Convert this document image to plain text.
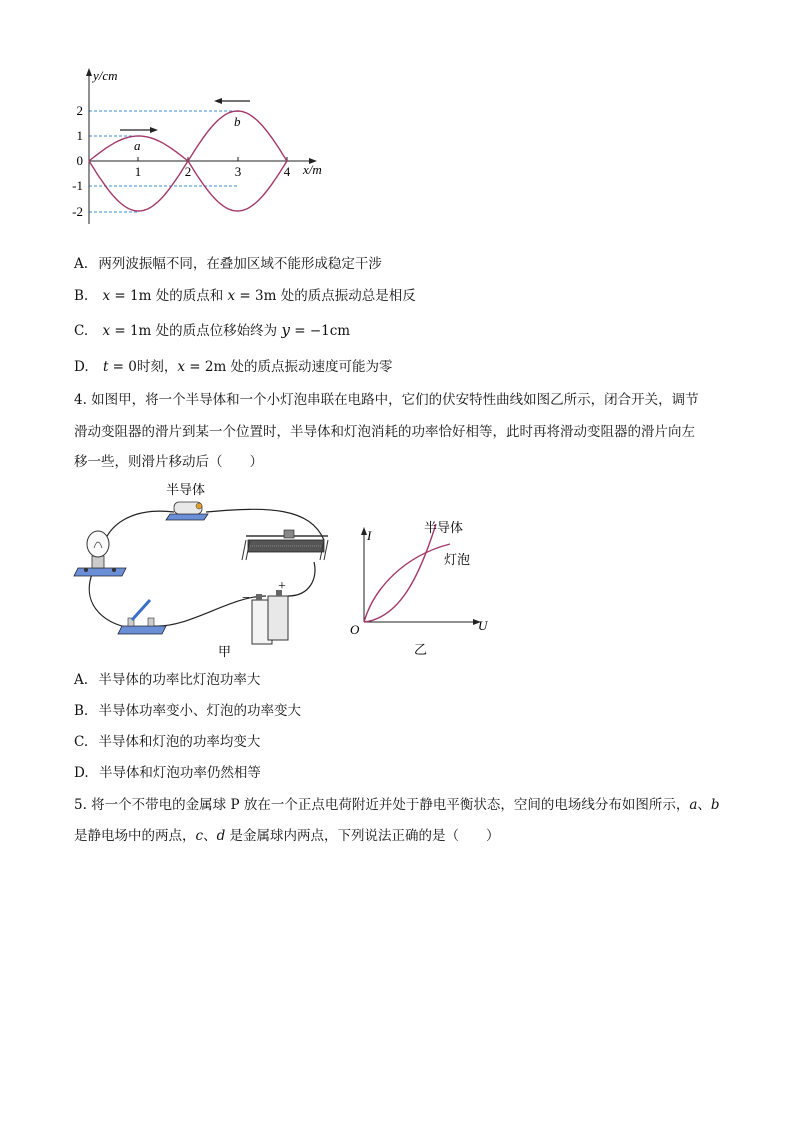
y/cm
x/m
2
1
0
-1
-2
1	2	3	4
a
b
A. 两列波振幅不同，在叠加区域不能形成稳定干涉
B. x = 1m 处的质点和 x = 3m 处的质点振动总是相反
C. x = 1m 处的质点位移始终为 y = −1cm
D. t = 0时刻，x = 2m 处的质点振动速度可能为零
4. 如图甲，将一个半导体和一个小灯泡串联在电路中，它们的伏安特性曲线如图乙所示，闭合开关，调节
滑动变阻器的滑片到某一个位置时，半导体和灯泡消耗的功率恰好相等，此时再将滑动变阻器的滑片向左
移一些，则滑片移动后（　　）
半导体
−
+
甲
I
U
O
半导体
灯泡
乙
A. 半导体的功率比灯泡功率大
B. 半导体功率变小、灯泡的功率变大
C. 半导体和灯泡的功率均变大
D. 半导体和灯泡功率仍然相等
5. 将一个不带电的金属球 P 放在一个正点电荷附近并处于静电平衡状态，空间的电场线分布如图所示，a、b
是静电场中的两点，c、d 是金属球内两点，下列说法正确的是（　　）
